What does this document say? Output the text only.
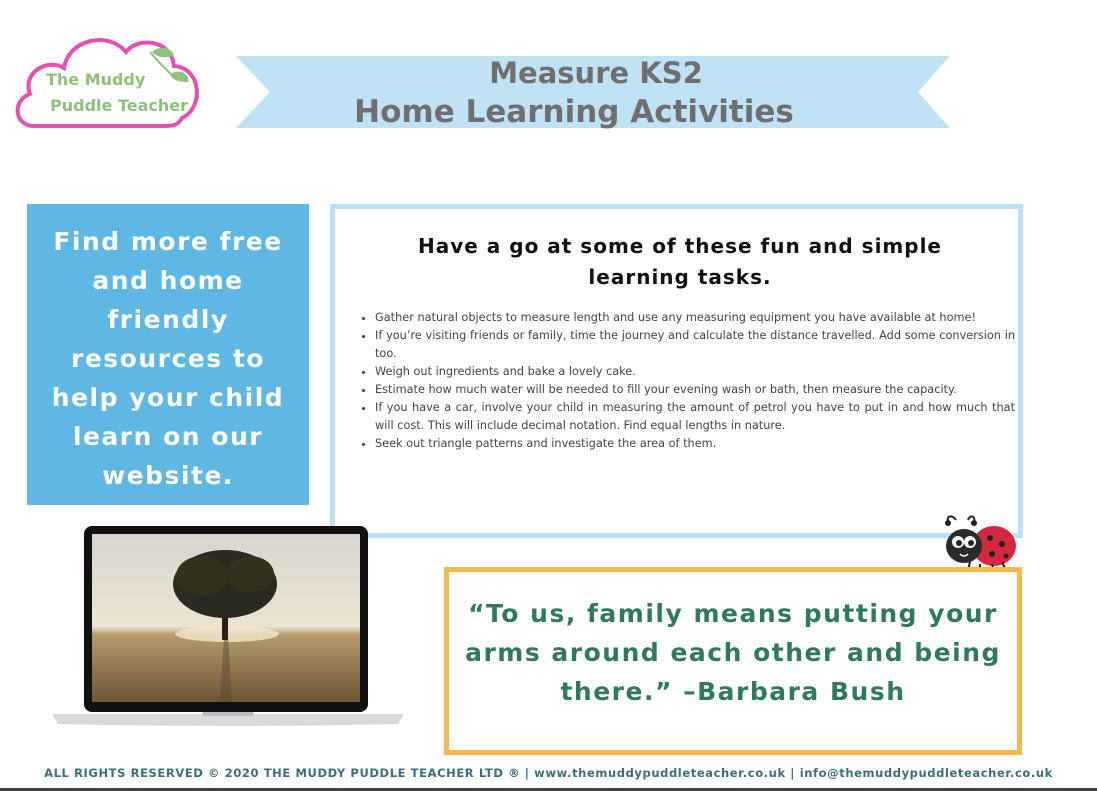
The Muddy
Puddle Teacher
Measure KS2
Home Learning Activities
Find more free and home friendly resources to help your child learn on our website.
Have a go at some of these fun and simple learning tasks.
• Gather natural objects to measure length and use any measuring equipment you have available at home!
• If you’re visiting friends or family, time the journey and calculate the distance travelled. Add some conversion in too.
• Weigh out ingredients and bake a lovely cake.
• Estimate how much water will be needed to fill your evening wash or bath, then measure the capacity.
• If you have a car, involve your child in measuring the amount of petrol you have to put in and how much that will cost. This will include decimal notation. Find equal lengths in nature.
• Seek out triangle patterns and investigate the area of them.
“To us, family means putting your arms around each other and being there.” –Barbara Bush
ALL RIGHTS RESERVED © 2020 THE MUDDY PUDDLE TEACHER LTD ® | www.themuddypuddleteacher.co.uk | info@themuddypuddleteacher.co.uk
